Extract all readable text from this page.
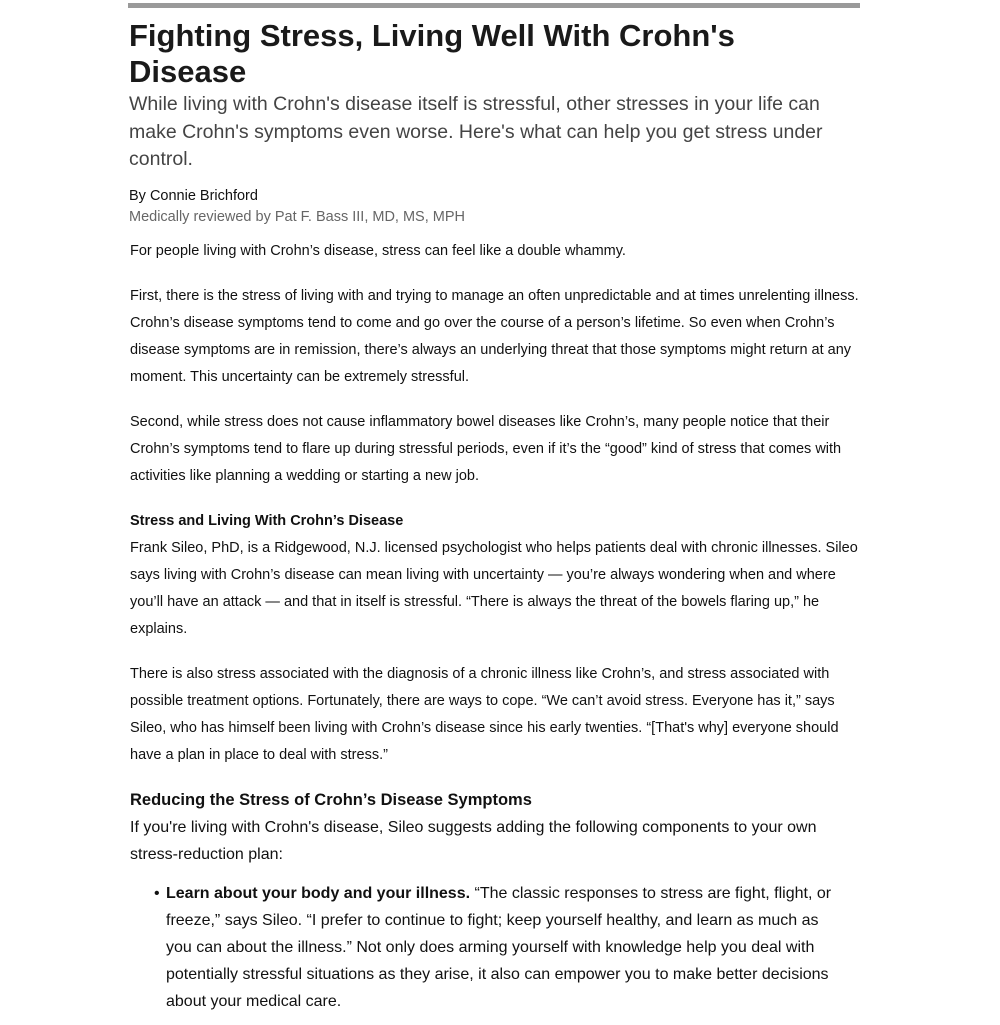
Fighting Stress, Living Well With Crohn's Disease

While living with Crohn's disease itself is stressful, other stresses in your life can make Crohn's symptoms even worse. Here's what can help you get stress under control.

By Connie Brichford

Medically reviewed by Pat F. Bass III, MD, MS, MPH

For people living with Crohn’s disease, stress can feel like a double whammy.

First, there is the stress of living with and trying to manage an often unpredictable and at times unrelenting illness. Crohn’s disease symptoms tend to come and go over the course of a person’s lifetime. So even when Crohn’s disease symptoms are in remission, there’s always an underlying threat that those symptoms might return at any moment. This uncertainty can be extremely stressful.

Second, while stress does not cause inflammatory bowel diseases like Crohn’s, many people notice that their Crohn’s symptoms tend to flare up during stressful periods, even if it’s the “good” kind of stress that comes with activities like planning a wedding or starting a new job.

Stress and Living With Crohn’s Disease

Frank Sileo, PhD, is a Ridgewood, N.J. licensed psychologist who helps patients deal with chronic illnesses. Sileo says living with Crohn’s disease can mean living with uncertainty — you’re always wondering when and where you’ll have an attack — and that in itself is stressful. “There is always the threat of the bowels flaring up,” he explains.

There is also stress associated with the diagnosis of a chronic illness like Crohn’s, and stress associated with possible treatment options. Fortunately, there are ways to cope. “We can’t avoid stress. Everyone has it,” says Sileo, who has himself been living with Crohn’s disease since his early twenties. “[That's why] everyone should have a plan in place to deal with stress.”

Reducing the Stress of Crohn’s Disease Symptoms

If you're living with Crohn's disease, Sileo suggests adding the following components to your own stress-reduction plan:

• Learn about your body and your illness. “The classic responses to stress are fight, flight, or freeze,” says Sileo. “I prefer to continue to fight; keep yourself healthy, and learn as much as you can about the illness.” Not only does arming yourself with knowledge help you deal with potentially stressful situations as they arise, it also can empower you to make better decisions about your medical care.
